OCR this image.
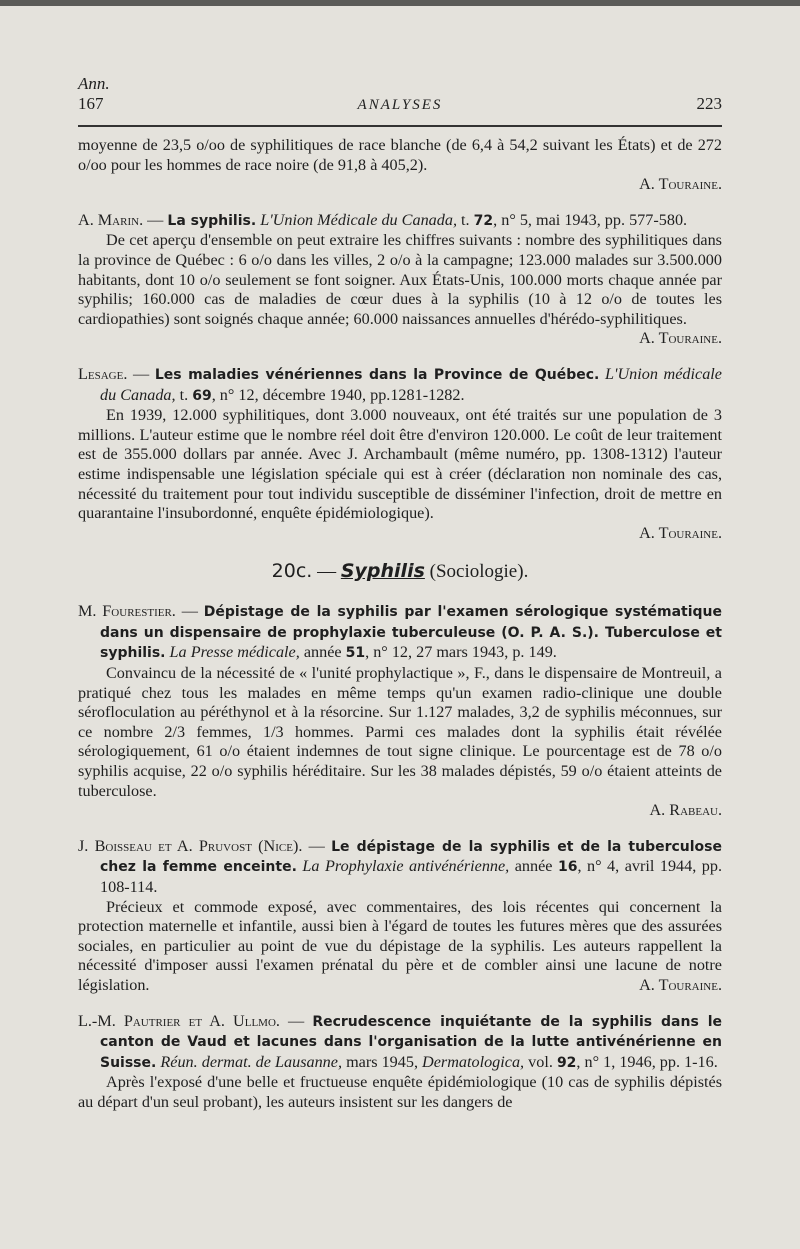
Ann.
167	ANALYSES	223

moyenne de 23,5 o/oo de syphilitiques de race blanche (de 6,4 à 54,2 suivant les États) et de 272 o/oo pour les hommes de race noire (de 91,8 à 405,2).

A. Touraine.

A. Marin. — La syphilis. L'Union Médicale du Canada, t. 72, n° 5, mai 1943, pp. 577-580.

De cet aperçu d'ensemble on peut extraire les chiffres suivants : nombre des syphilitiques dans la province de Québec : 6 o/o dans les villes, 2 o/o à la campagne; 123.000 malades sur 3.500.000 habitants, dont 10 o/o seulement se font soigner. Aux États-Unis, 100.000 morts chaque année par syphilis; 160.000 cas de maladies de cœur dues à la syphilis (10 à 12 o/o de toutes les cardiopathies) sont soignés chaque année; 60.000 naissances annuelles d'hérédo-syphilitiques.

A. Touraine.

Lesage. — Les maladies vénériennes dans la Province de Québec. L'Union médicale du Canada, t. 69, n° 12, décembre 1940, pp.1281-1282.

En 1939, 12.000 syphilitiques, dont 3.000 nouveaux, ont été traités sur une population de 3 millions. L'auteur estime que le nombre réel doit être d'environ 120.000. Le coût de leur traitement est de 355.000 dollars par année. Avec J. Archambault (même numéro, pp. 1308-1312) l'auteur estime indispensable une législation spéciale qui est à créer (déclaration non nominale des cas, nécessité du traitement pour tout individu susceptible de disséminer l'infection, droit de mettre en quarantaine l'insubordonné, enquête épidémiologique).

A. Touraine.

20c. — Syphilis (Sociologie).

M. Fourestier. — Dépistage de la syphilis par l'examen sérologique systématique dans un dispensaire de prophylaxie tuberculeuse (O. P. A. S.). Tuberculose et syphilis. La Presse médicale, année 51, n° 12, 27 mars 1943, p. 149.

Convaincu de la nécessité de « l'unité prophylactique », F., dans le dispensaire de Montreuil, a pratiqué chez tous les malades en même temps qu'un examen radio-clinique une double sérofloculation au péréthynol et à la résorcine. Sur 1.127 malades, 3,2 de syphilis méconnues, sur ce nombre 2/3 femmes, 1/3 hommes. Parmi ces malades dont la syphilis était révélée sérologiquement, 61 o/o étaient indemnes de tout signe clinique. Le pourcentage est de 78 o/o syphilis acquise, 22 o/o syphilis héréditaire. Sur les 38 malades dépistés, 59 o/o étaient atteints de tuberculose.

A. Rabeau.

J. Boisseau et A. Pruvost (Nice). — Le dépistage de la syphilis et de la tuberculose chez la femme enceinte. La Prophylaxie antivénérienne, année 16, n° 4, avril 1944, pp. 108-114.

Précieux et commode exposé, avec commentaires, des lois récentes qui concernent la protection maternelle et infantile, aussi bien à l'égard de toutes les futures mères que des assurées sociales, en particulier au point de vue du dépistage de la syphilis. Les auteurs rappellent la nécessité d'imposer aussi l'examen prénatal du père et de combler ainsi une lacune de notre législation.	A. Touraine.

L.-M. Pautrier et A. Ullmo. — Recrudescence inquiétante de la syphilis dans le canton de Vaud et lacunes dans l'organisation de la lutte antivénérienne en Suisse. Réun. dermat. de Lausanne, mars 1945, Dermatologica, vol. 92, n° 1, 1946, pp. 1-16.

Après l'exposé d'une belle et fructueuse enquête épidémiologique (10 cas de syphilis dépistés au départ d'un seul probant), les auteurs insistent sur les dangers de
